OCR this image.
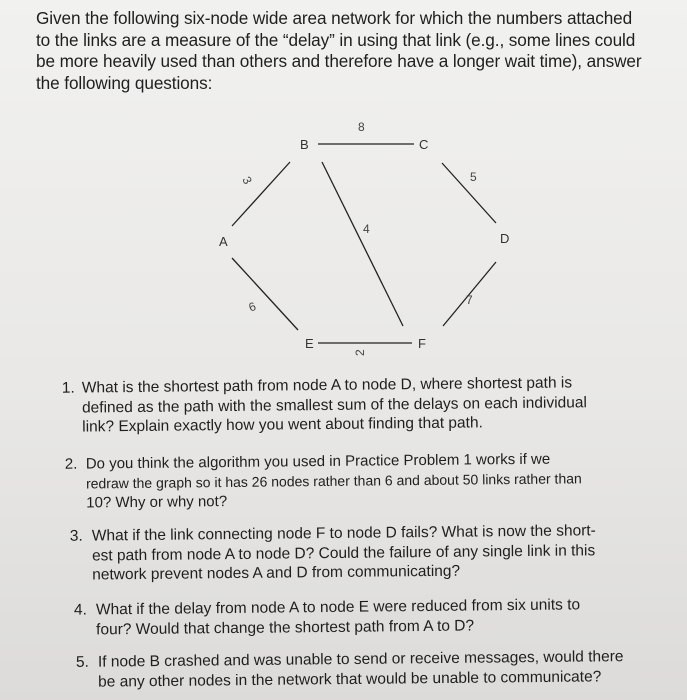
Given the following six-node wide area network for which the numbers attached
to the links are a measure of the “delay” in using that link (e.g., some lines could
be more heavily used than others and therefore have a longer wait time), answer
the following questions:
A
B	C
D
E	F
8
3	5
4
6	7
2
1. What is the shortest path from node A to node D, where shortest path is
defined as the path with the smallest sum of the delays on each individual
link? Explain exactly how you went about finding that path.
2. Do you think the algorithm you used in Practice Problem 1 works if we
redraw the graph so it has 26 nodes rather than 6 and about 50 links rather than
10? Why or why not?
3. What if the link connecting node F to node D fails? What is now the short-
est path from node A to node D? Could the failure of any single link in this
network prevent nodes A and D from communicating?
4. What if the delay from node A to node E were reduced from six units to
four? Would that change the shortest path from A to D?
5. If node B crashed and was unable to send or receive messages, would there
be any other nodes in the network that would be unable to communicate?
